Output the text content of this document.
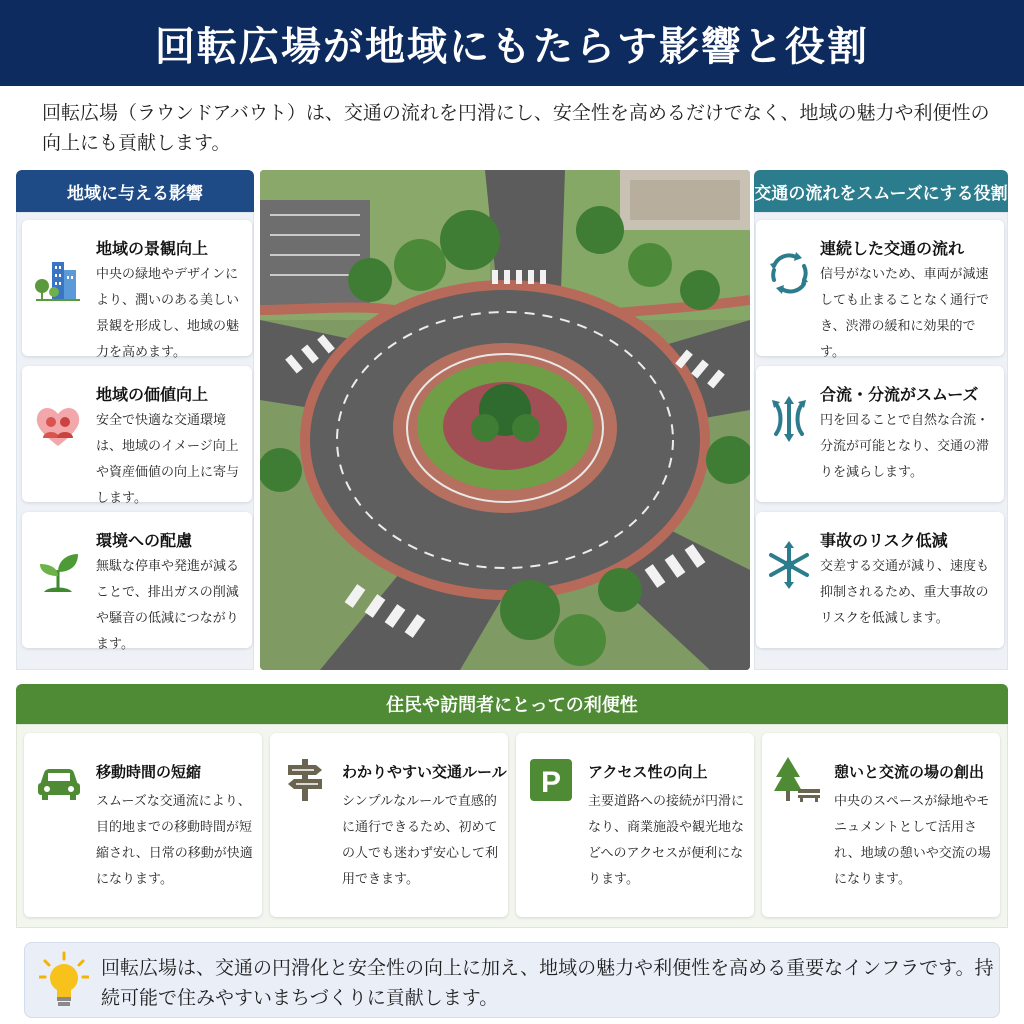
回転広場が地域にもたらす影響と役割

回転広場（ラウンドアバウト）は、交通の流れを円滑にし、安全性を高めるだけでなく、地域の魅力や利便性の向上にも貢献します。

地域に与える影響
地域の景観向上
中央の緑地やデザインにより、潤いのある美しい景観を形成し、地域の魅力を高めます。
地域の価値向上
安全で快適な交通環境は、地域のイメージ向上や資産価値の向上に寄与します。
環境への配慮
無駄な停車や発進が減ることで、排出ガスの削減や騒音の低減につながります。
交通の流れをスムーズにする役割
連続した交通の流れ
信号がないため、車両が減速しても止まることなく通行でき、渋滞の緩和に効果的です。
合流・分流がスムーズ
円を回ることで自然な合流・分流が可能となり、交通の滞りを減らします。
事故のリスク低減
交差する交通が減り、速度も抑制されるため、重大事故のリスクを低減します。
住民や訪問者にとっての利便性
移動時間の短縮
スムーズな交通流により、目的地までの移動時間が短縮され、日常の移動が快適になります。
わかりやすい交通ルール
シンプルなルールで直感的に通行できるため、初めての人でも迷わず安心して利用できます。
P アクセス性の向上
主要道路への接続が円滑になり、商業施設や観光地などへのアクセスが便利になります。
憩いと交流の場の創出
中央のスペースが緑地やモニュメントとして活用され、地域の憩いや交流の場になります。

回転広場は、交通の円滑化と安全性の向上に加え、地域の魅力や利便性を高める重要なインフラです。持続可能で住みやすいまちづくりに貢献します。
